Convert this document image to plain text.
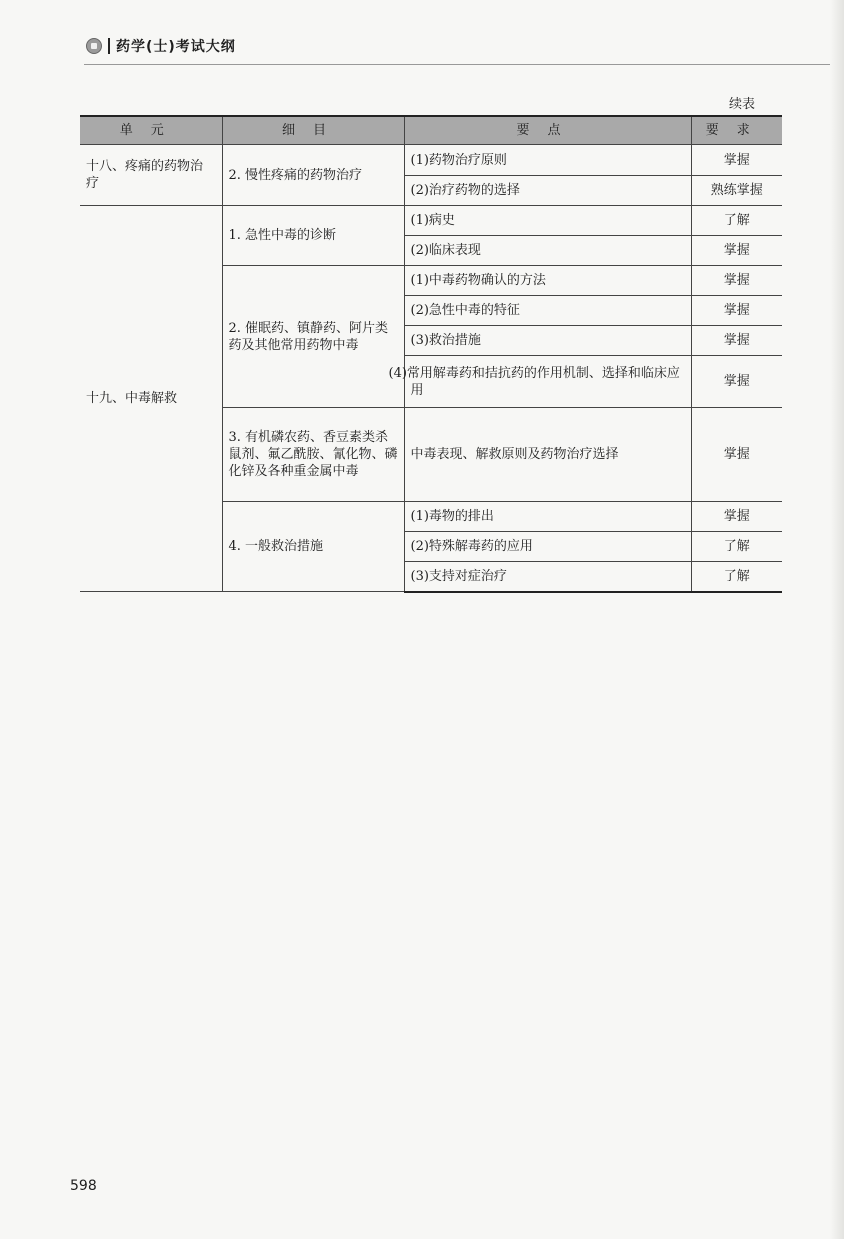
药学(士)考试大纲
续表
单元	细目	要点	要求
十八、疼痛的药物治疗	2. 慢性疼痛的药物治疗	(1)药物治疗原则	掌握
		(2)治疗药物的选择	熟练掌握
十九、中毒解救	1. 急性中毒的诊断	(1)病史	了解
		(2)临床表现	掌握
	2. 催眠药、镇静药、阿片类药及其他常用药物中毒	(1)中毒药物确认的方法	掌握
		(2)急性中毒的特征	掌握
		(3)救治措施	掌握
		(4)常用解毒药和拮抗药的作用机制、选择和临床应用	掌握
	3. 有机磷农药、香豆素类杀鼠剂、氟乙酰胺、氰化物、磷化锌及各种重金属中毒	中毒表现、解救原则及药物治疗选择	掌握
	4. 一般救治措施	(1)毒物的排出	掌握
		(2)特殊解毒药的应用	了解
		(3)支持对症治疗	了解
598
